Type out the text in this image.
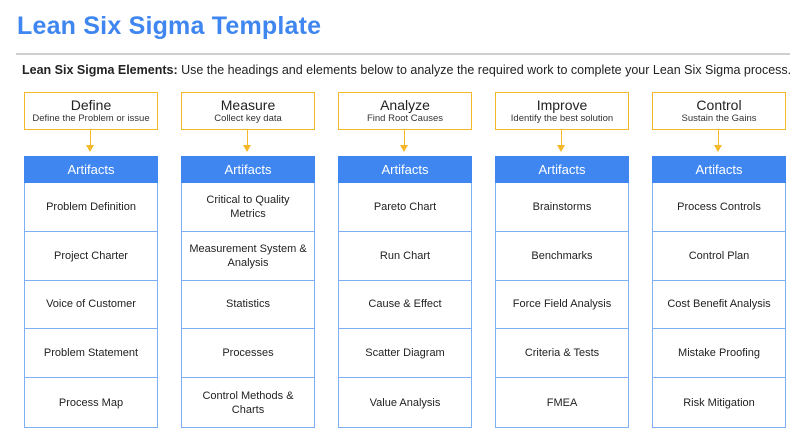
Lean Six Sigma Template
Lean Six Sigma Elements: Use the headings and elements below to analyze the required work to complete your Lean Six Sigma process.
Define
Define the Problem or issue
Artifacts
Problem Definition
Project Charter
Voice of Customer
Problem Statement
Process Map
Measure
Collect key data
Artifacts
Critical to Quality Metrics
Measurement System & Analysis
Statistics
Processes
Control Methods & Charts
Analyze
Find Root Causes
Artifacts
Pareto Chart
Run Chart
Cause & Effect
Scatter Diagram
Value Analysis
Improve
Identify the best solution
Artifacts
Brainstorms
Benchmarks
Force Field Analysis
Criteria & Tests
FMEA
Control
Sustain the Gains
Artifacts
Process Controls
Control Plan
Cost Benefit Analysis
Mistake Proofing
Risk Mitigation
